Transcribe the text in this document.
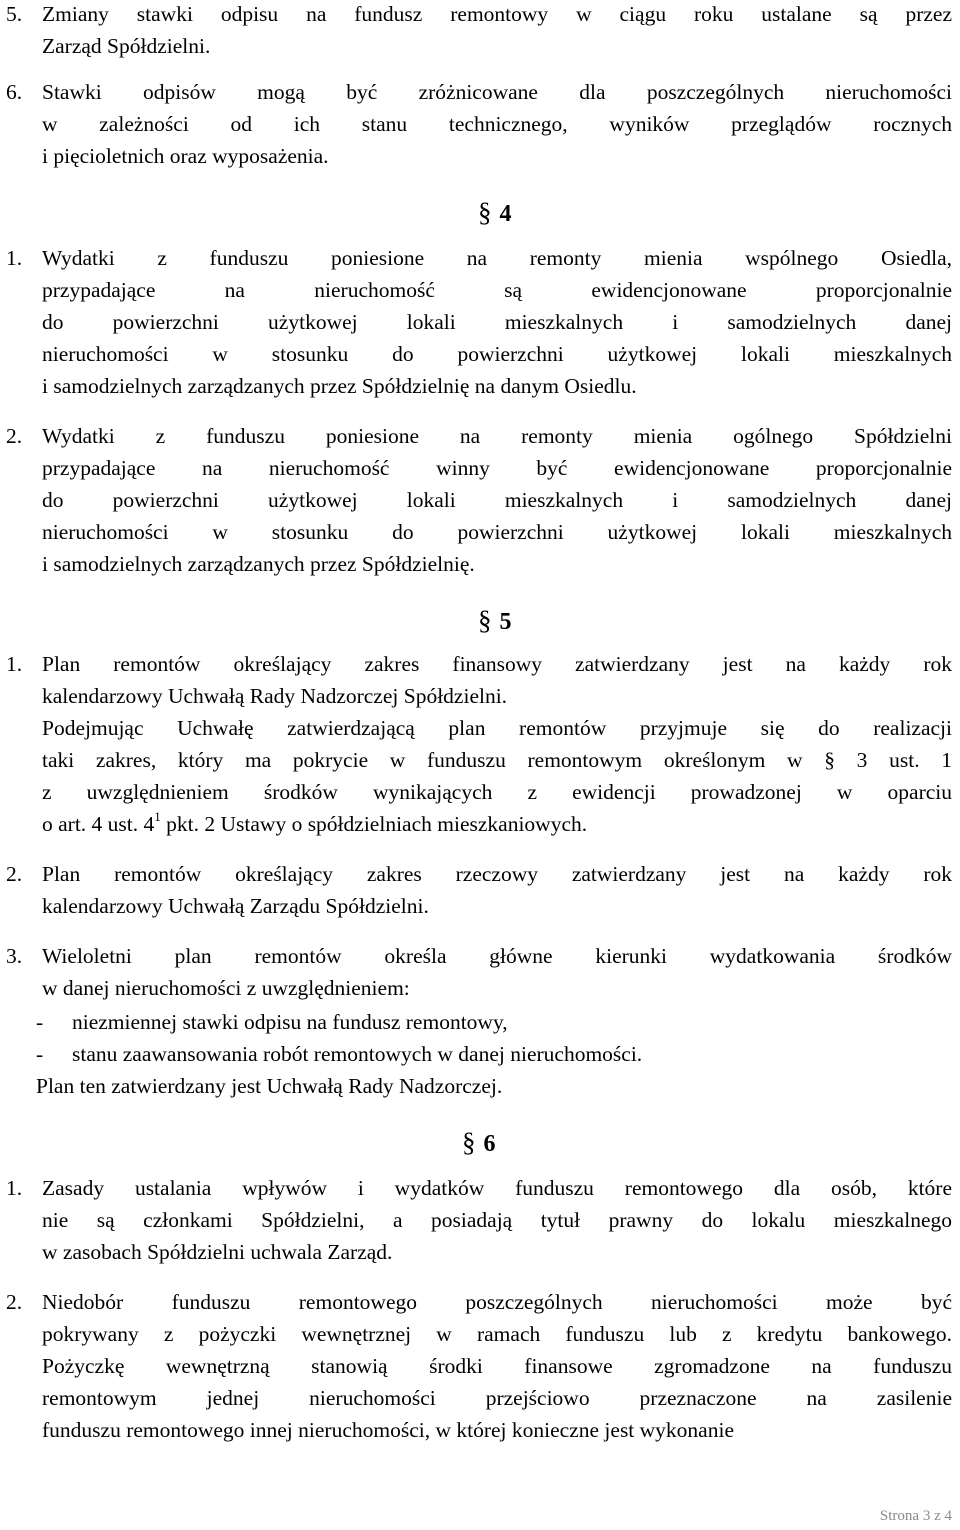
5. Zmiany stawki odpisu na fundusz remontowy w ciągu roku ustalane są przez
Zarząd Spółdzielni.
6. Stawki odpisów mogą być zróżnicowane dla poszczególnych nieruchomości
w zależności od ich stanu technicznego, wyników przeglądów rocznych
i pięcioletnich oraz wyposażenia.
§ 4
1. Wydatki z funduszu poniesione na remonty mienia wspólnego Osiedla,
przypadające na nieruchomość są ewidencjonowane proporcjonalnie
do powierzchni użytkowej lokali mieszkalnych i samodzielnych danej
nieruchomości w stosunku do powierzchni użytkowej lokali mieszkalnych
i samodzielnych zarządzanych przez Spółdzielnię na danym Osiedlu.
2. Wydatki z funduszu poniesione na remonty mienia ogólnego Spółdzielni
przypadające na nieruchomość winny być ewidencjonowane proporcjonalnie
do powierzchni użytkowej lokali mieszkalnych i samodzielnych danej
nieruchomości w stosunku do powierzchni użytkowej lokali mieszkalnych
i samodzielnych zarządzanych przez Spółdzielnię.
§ 5
1. Plan remontów określający zakres finansowy zatwierdzany jest na każdy rok
kalendarzowy Uchwałą Rady Nadzorczej Spółdzielni.
Podejmując Uchwałę zatwierdzającą plan remontów przyjmuje się do realizacji
taki zakres, który ma pokrycie w funduszu remontowym określonym w § 3 ust. 1
z uwzględnieniem środków wynikających z ewidencji prowadzonej w oparciu
o art. 4 ust. $4^1$ pkt. 2 Ustawy o spółdzielniach mieszkaniowych.
2. Plan remontów określający zakres rzeczowy zatwierdzany jest na każdy rok
kalendarzowy Uchwałą Zarządu Spółdzielni.
3. Wieloletni plan remontów określa główne kierunki wydatkowania środków
w danej nieruchomości z uwzględnieniem:
- niezmiennej stawki odpisu na fundusz remontowy,
- stanu zaawansowania robót remontowych w danej nieruchomości.
Plan ten zatwierdzany jest Uchwałą Rady Nadzorczej.
§ 6
1. Zasady ustalania wpływów i wydatków funduszu remontowego dla osób, które
nie są członkami Spółdzielni, a posiadają tytuł prawny do lokalu mieszkalnego
w zasobach Spółdzielni uchwala Zarząd.
2. Niedobór funduszu remontowego poszczególnych nieruchomości może być
pokrywany z pożyczki wewnętrznej w ramach funduszu lub z kredytu bankowego.
Pożyczkę wewnętrzną stanowią środki finansowe zgromadzone na funduszu
remontowym jednej nieruchomości przejściowo przeznaczone na zasilenie
funduszu remontowego innej nieruchomości, w której konieczne jest wykonanie
Strona 3 z 4
